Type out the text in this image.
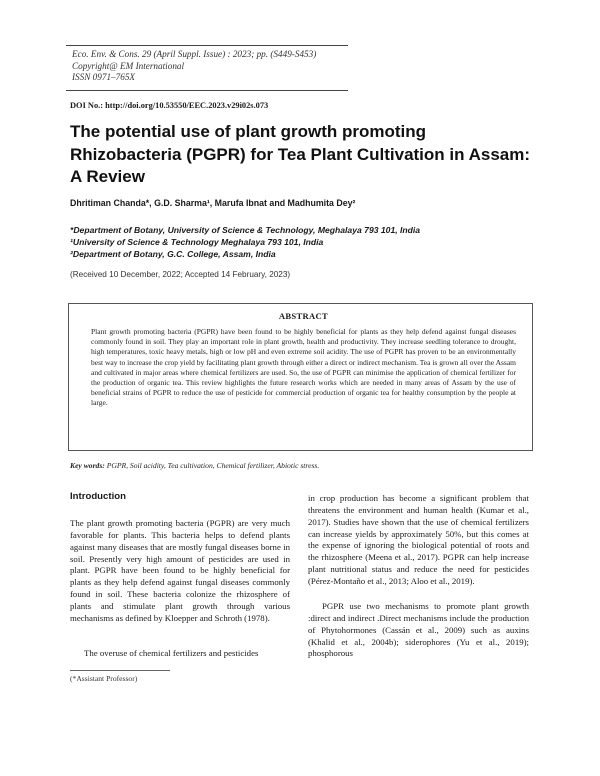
Eco. Env. & Cons. 29 (April Suppl. Issue) : 2023; pp. (S449-S453)
Copyright@ EM International
ISSN 0971–765X
DOI No.: http://doi.org/10.53550/EEC.2023.v29i02s.073
The potential use of plant growth promoting Rhizobacteria (PGPR) for Tea Plant Cultivation in Assam: A Review
Dhritiman Chanda*, G.D. Sharma¹, Marufa Ibnat and Madhumita Dey²
*Department of Botany, University of Science & Technology, Meghalaya 793 101, India
¹University of Science & Technology Meghalaya 793 101, India
²Department of Botany, G.C. College, Assam, India
(Received 10 December, 2022; Accepted 14 February, 2023)
ABSTRACT
Plant growth promoting bacteria (PGPR) have been found to be highly beneficial for plants as they help defend against fungal diseases commonly found in soil. They play an important role in plant growth, health and productivity. They increase seedling tolerance to drought, high temperatures, toxic heavy metals, high or low pH and even extreme soil acidity. The use of PGPR has proven to be an environmentally best way to increase the crop yield by facilitating plant growth through either a direct or indirect mechanism. Tea is grown all over the Assam and cultivated in major areas where chemical fertilizers are used. So, the use of PGPR can minimise the application of chemical fertilizer for the production of organic tea. This review highlights the future research works which are needed in many areas of Assam by the use of beneficial strains of PGPR to reduce the use of pesticide for commercial production of organic tea for healthy consumption by the people at large.
Key words: PGPR, Soil acidity, Tea cultivation, Chemical fertilizer, Abiotic stress.
Introduction
The plant growth promoting bacteria (PGPR) are very much favorable for plants. This bacteria helps to defend plants against many diseases that are mostly fungal diseases borne in soil. Presently very high amount of pesticides are used in plant. PGPR have been found to be highly beneficial for plants as they help defend against fungal diseases commonly found in soil. These bacteria colonize the rhizosphere of plants and stimulate plant growth through various mechanisms as defined by Kloepper and Schroth (1978).
The overuse of chemical fertilizers and pesticides
in crop production has become a significant problem that threatens the environment and human health (Kumar et al., 2017). Studies have shown that the use of chemical fertilizers can increase yields by approximately 50%, but this comes at the expense of ignoring the biological potential of roots and the rhizosphere (Meena et al., 2017). PGPR can help increase plant nutritional status and reduce the need for pesticides (Pérez-Montaño et al., 2013; Aloo et al., 2019).
PGPR use two mechanisms to promote plant growth :direct and indirect .Direct mechanisms include the production of Phytohormones (Cassán et al., 2009) such as auxins (Khalid et al., 2004b); siderophores (Yu et al., 2019); phosphorous
(*Assistant Professor)
